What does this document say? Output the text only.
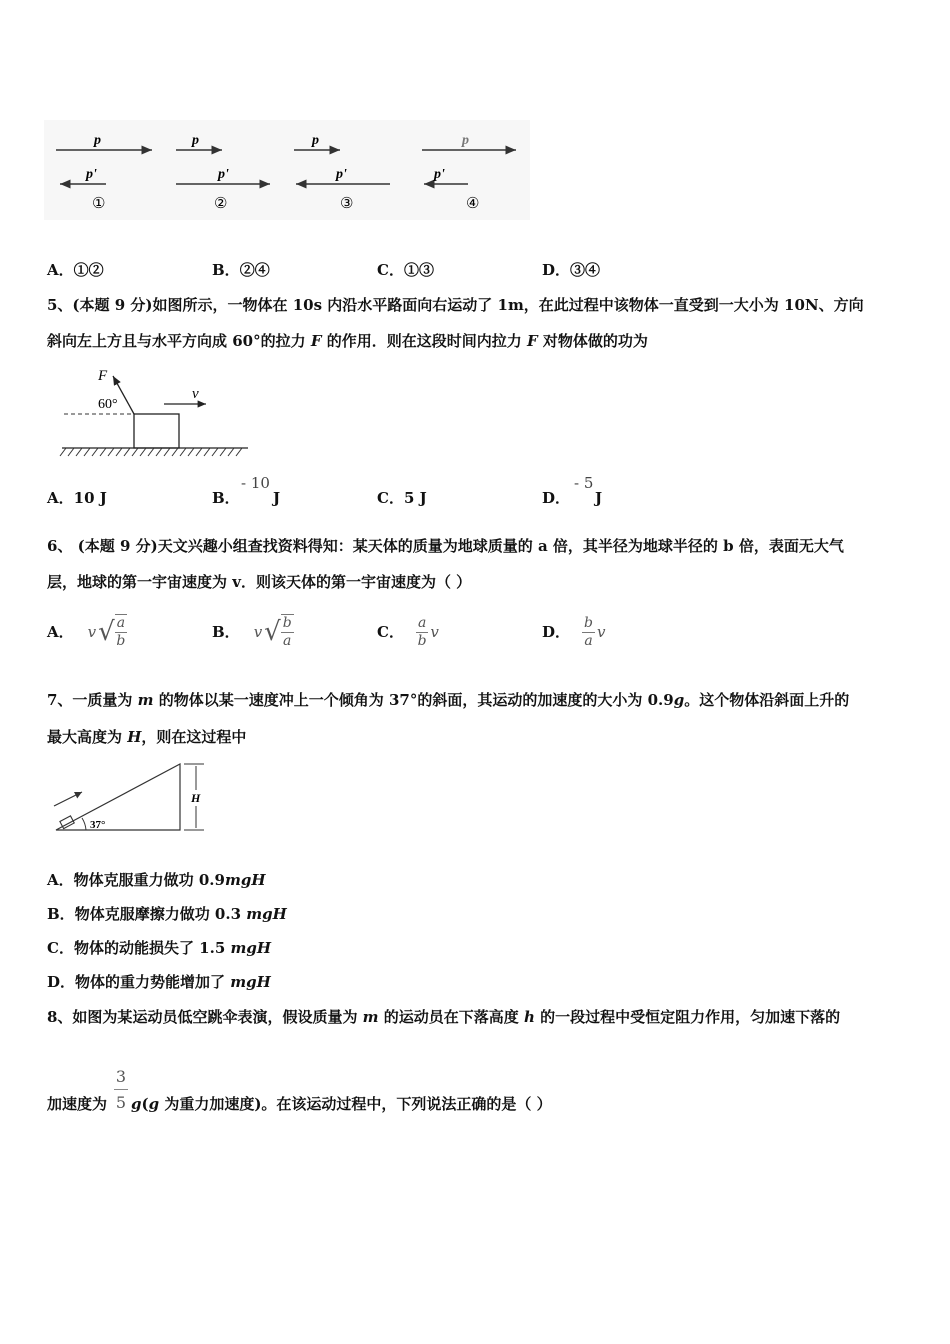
p
p'
①
p
p'
②
p
p'
③
p
p'
④
A．①②	B．②④	C．①③	D．③④
5、(本题 9 分)如图所示，一物体在 10s 内沿水平路面向右运动了 1m，在此过程中该物体一直受到一大小为 10N、方向
斜向左上方且与水平方向成 60°的拉力 F 的作用．则在这段时间内拉力 F 对物体做的功为
F
60°
v
A．10 J	B．
- 10
J	C．5 J	D．
- 5
J
6、 (本题 9 分)天文兴趣小组查找资料得知：某天体的质量为地球质量的 a 倍，其半径为地球半径的 b 倍，表面无大气
层，地球的第一宇宙速度为 v．则该天体的第一宇宙速度为（ ）
A． v √ $\frac{a}{b}$	B． v √ $\frac{b}{a}$	C． $\frac{a}{b}$ v	D． $\frac{b}{a}$ v
7、一质量为 m 的物体以某一速度冲上一个倾角为 37°的斜面，其运动的加速度的大小为 0.9g。这个物体沿斜面上升的
最大高度为 H，则在这过程中
37°
H
A．物体克服重力做功 0.9mgH
B．物体克服摩擦力做功 0.3 mgH
C．物体的动能损失了 1.5 mgH
D．物体的重力势能增加了 mgH
8、如图为某运动员低空跳伞表演，假设质量为 m 的运动员在下落高度 h 的一段过程中受恒定阻力作用，匀加速下落的
3
5
加速度为 g(g 为重力加速度)。在该运动过程中，下列说法正确的是（ ）
